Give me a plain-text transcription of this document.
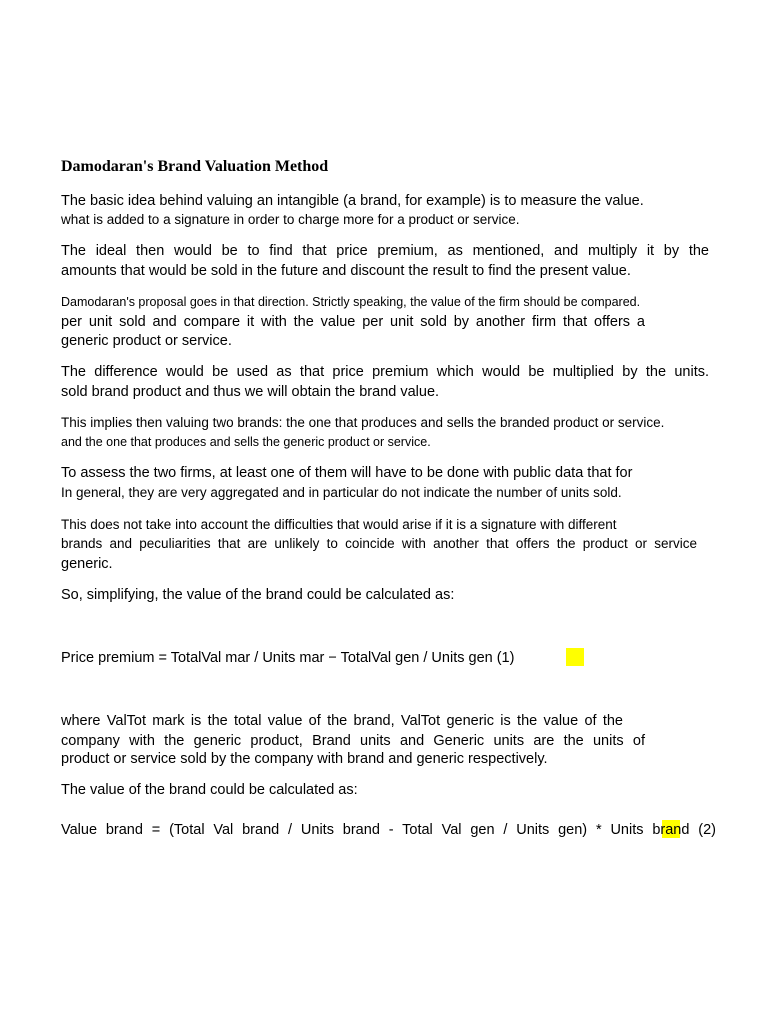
Damodaran's Brand Valuation Method
The basic idea behind valuing an intangible (a brand, for example) is to measure the value.
what is added to a signature in order to charge more for a product or service.
The ideal then would be to find that price premium, as mentioned, and multiply it by the
amounts that would be sold in the future and discount the result to find the present value.
Damodaran's proposal goes in that direction. Strictly speaking, the value of the firm should be compared.
per unit sold and compare it with the value per unit sold by another firm that offers a
generic product or service.
The difference would be used as that price premium which would be multiplied by the units.
sold brand product and thus we will obtain the brand value.
This implies then valuing two brands: the one that produces and sells the branded product or service.
and the one that produces and sells the generic product or service.
To assess the two firms, at least one of them will have to be done with public data that for
In general, they are very aggregated and in particular do not indicate the number of units sold.
This does not take into account the difficulties that would arise if it is a signature with different
brands and peculiarities that are unlikely to coincide with another that offers the product or service
generic.
So, simplifying, the value of the brand could be calculated as:
Price premium = TotalVal mar / Units mar − TotalVal gen / Units gen (1)
where ValTot mark is the total value of the brand, ValTot generic is the value of the
company with the generic product, Brand units and Generic units are the units of
product or service sold by the company with brand and generic respectively.
The value of the brand could be calculated as:
Value brand = (Total Val brand / Units brand - Total Val gen / Units gen) * Units brand (2)
